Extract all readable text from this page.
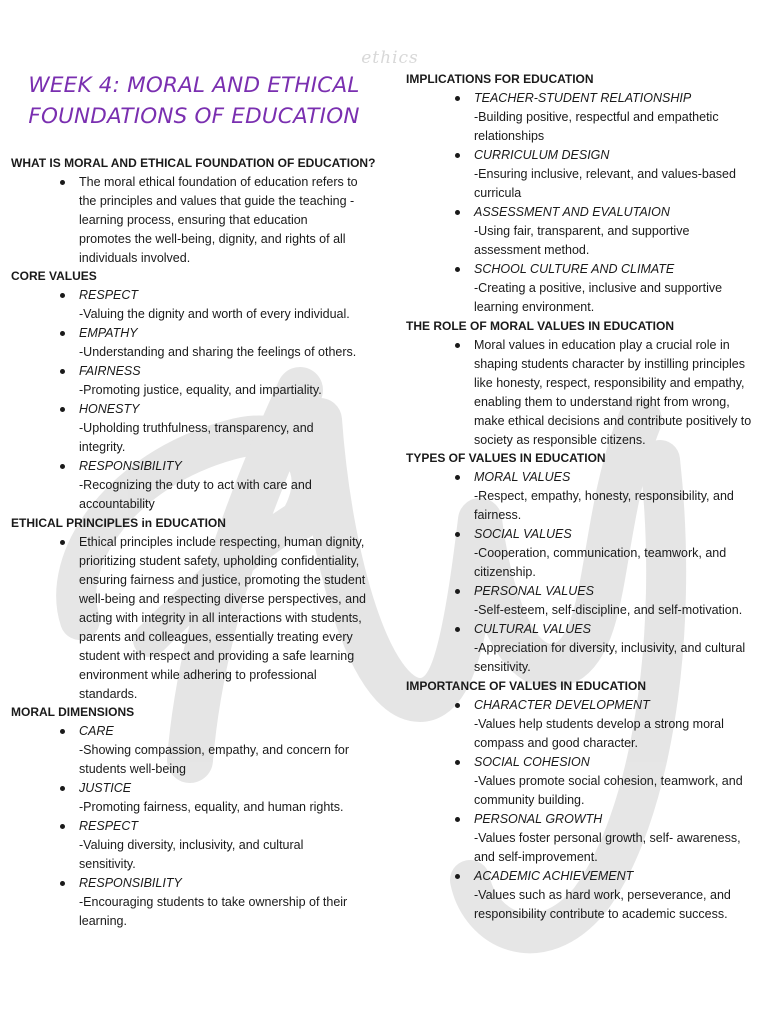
ethics
WEEK 4: MORAL AND ETHICAL FOUNDATIONS OF EDUCATION

WHAT IS MORAL AND ETHICAL FOUNDATION OF EDUCATION?

The moral ethical foundation of education refers to the principles and values that guide the teaching -learning process, ensuring that education promotes the well-being, dignity, and rights of all individuals involved.

CORE VALUES

RESPECT
-Valuing the dignity and worth of every individual.
EMPATHY
-Understanding and sharing the feelings of others.
FAIRNESS
-Promoting justice, equality, and impartiality.
HONESTY
-Upholding truthfulness, transparency, and integrity.
RESPONSIBILITY
-Recognizing the duty to act with care and accountability

ETHICAL PRINCIPLES in EDUCATION

Ethical principles include respecting, human dignity, prioritizing student safety, upholding confidentiality, ensuring fairness and justice, promoting the student well-being and respecting diverse perspectives, and acting with integrity in all interactions with students, parents and colleagues, essentially treating every student with respect and providing a safe learning environment while adhering to professional standards.

MORAL DIMENSIONS

CARE
-Showing compassion, empathy, and concern for students well-being
JUSTICE
-Promoting fairness, equality, and human rights.
RESPECT
-Valuing diversity, inclusivity, and cultural sensitivity.
RESPONSIBILITY
-Encouraging students to take ownership of their learning.

IMPLICATIONS FOR EDUCATION

TEACHER-STUDENT RELATIONSHIP
-Building positive, respectful and empathetic relationships
CURRICULUM DESIGN
-Ensuring inclusive, relevant, and values-based curricula
ASSESSMENT AND EVALUTAION
-Using fair, transparent, and supportive assessment method.
SCHOOL CULTURE AND CLIMATE
-Creating a positive, inclusive and supportive learning environment.

THE ROLE OF MORAL VALUES IN EDUCATION

Moral values in education play a crucial role in shaping students character by instilling principles like honesty, respect, responsibility and empathy, enabling them to understand right from wrong, make ethical decisions and contribute positively to society as responsible citizens.

TYPES OF VALUES IN EDUCATION

MORAL VALUES
-Respect, empathy, honesty, responsibility, and fairness.
SOCIAL VALUES
-Cooperation, communication, teamwork, and citizenship.
PERSONAL VALUES
-Self-esteem, self-discipline, and self-motivation.
CULTURAL VALUES
-Appreciation for diversity, inclusivity, and cultural sensitivity.

IMPORTANCE OF VALUES IN EDUCATION

CHARACTER DEVELOPMENT
-Values help students develop a strong moral compass and good character.
SOCIAL COHESION
-Values promote social cohesion, teamwork, and community building.
PERSONAL GROWTH
-Values foster personal growth, self- awareness, and self-improvement.
ACADEMIC ACHIEVEMENT
-Values such as hard work, perseverance, and responsibility contribute to academic success.
